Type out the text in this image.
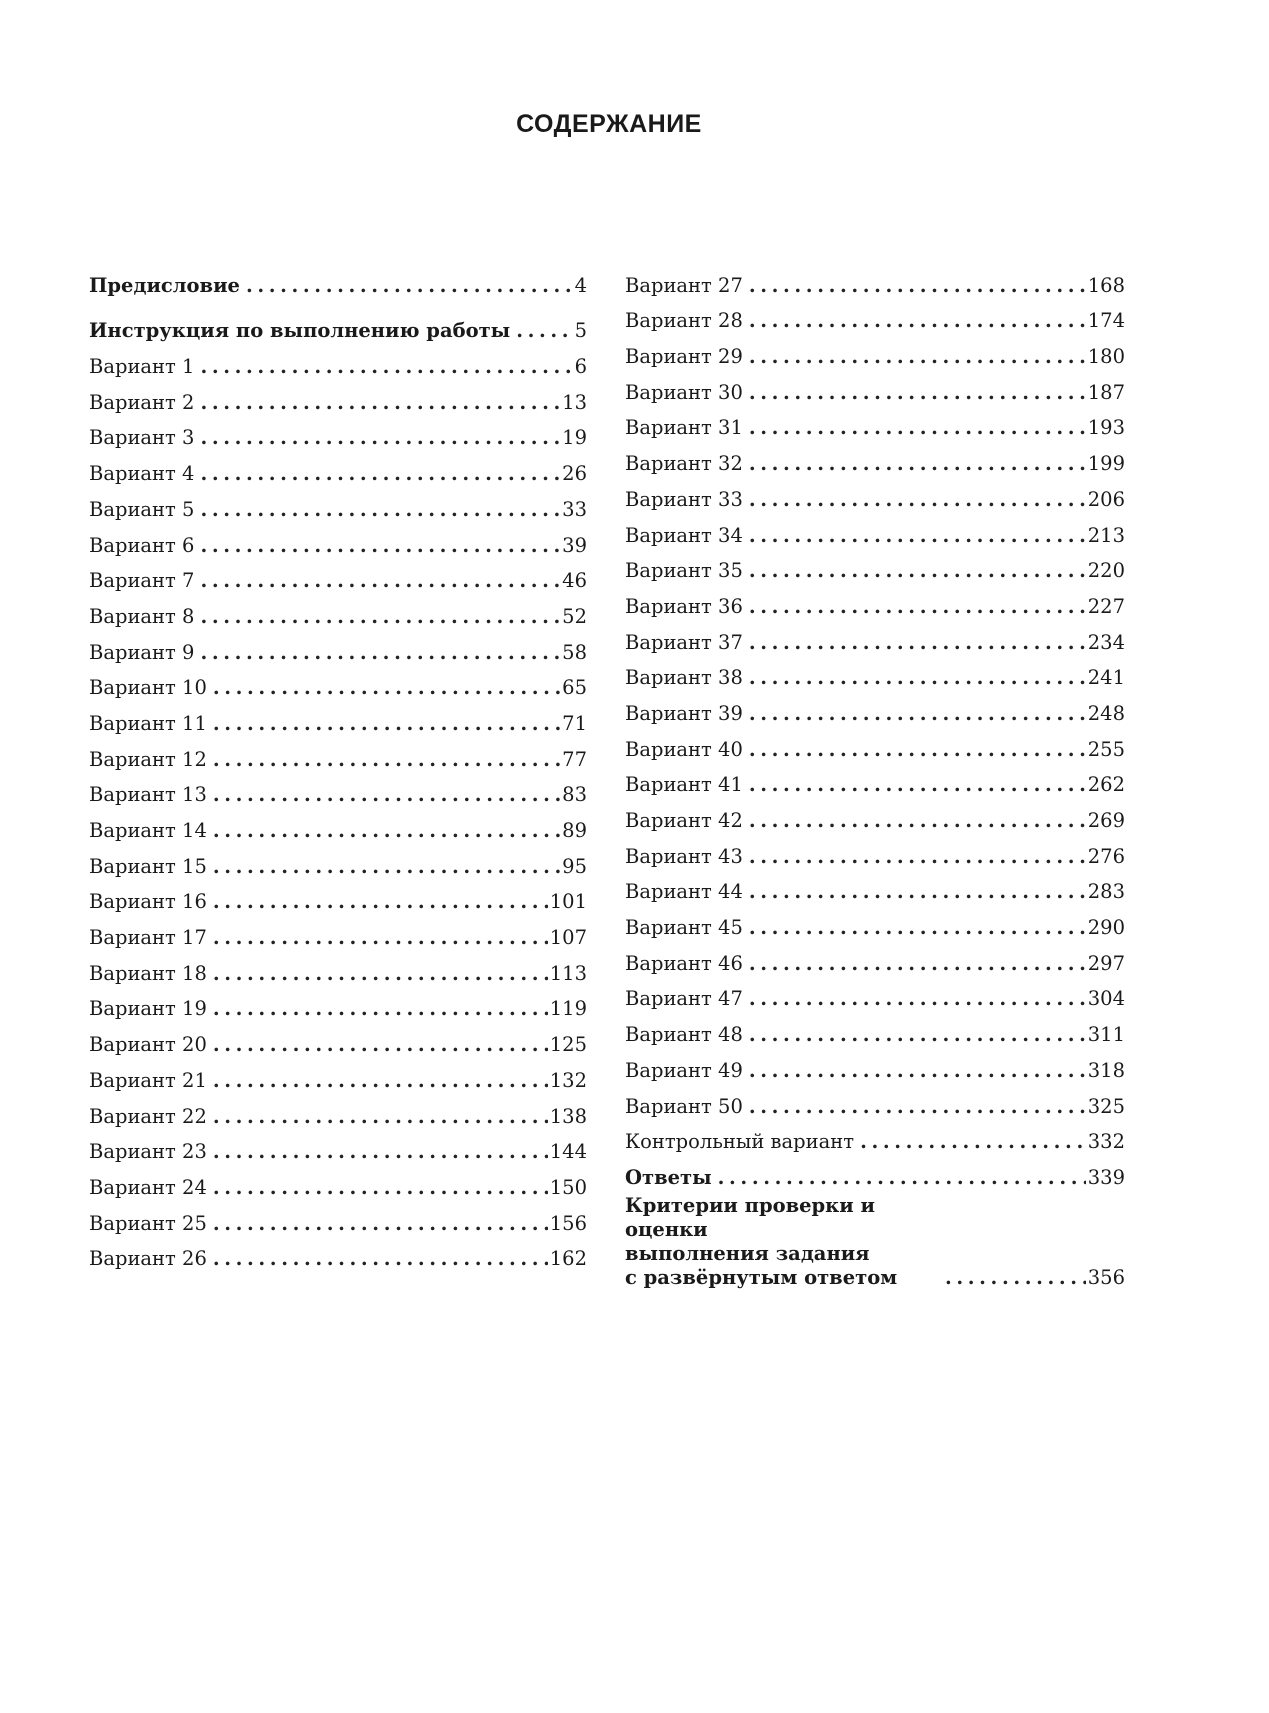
СОДЕРЖАНИЕ
Предисловие .....	4
Инструкция по выполнению работы .....	5
Вариант 1 .....	6
Вариант 2 .....	13
Вариант 3 .....	19
Вариант 4 .....	26
Вариант 5 .....	33
Вариант 6 .....	39
Вариант 7 .....	46
Вариант 8 .....	52
Вариант 9 .....	58
Вариант 10 .....	65
Вариант 11 .....	71
Вариант 12 .....	77
Вариант 13 .....	83
Вариант 14 .....	89
Вариант 15 .....	95
Вариант 16 .....	101
Вариант 17 .....	107
Вариант 18 .....	113
Вариант 19 .....	119
Вариант 20 .....	125
Вариант 21 .....	132
Вариант 22 .....	138
Вариант 23 .....	144
Вариант 24 .....	150
Вариант 25 .....	156
Вариант 26 .....	162
Вариант 27 .....	168
Вариант 28 .....	174
Вариант 29 .....	180
Вариант 30 .....	187
Вариант 31 .....	193
Вариант 32 .....	199
Вариант 33 .....	206
Вариант 34 .....	213
Вариант 35 .....	220
Вариант 36 .....	227
Вариант 37 .....	234
Вариант 38 .....	241
Вариант 39 .....	248
Вариант 40 .....	255
Вариант 41 .....	262
Вариант 42 .....	269
Вариант 43 .....	276
Вариант 44 .....	283
Вариант 45 .....	290
Вариант 46 .....	297
Вариант 47 .....	304
Вариант 48 .....	311
Вариант 49 .....	318
Вариант 50 .....	325
Контрольный вариант .....	332
Ответы .....	339
Критерии проверки и оценки
выполнения задания
с развёрнутым ответом .....	356
